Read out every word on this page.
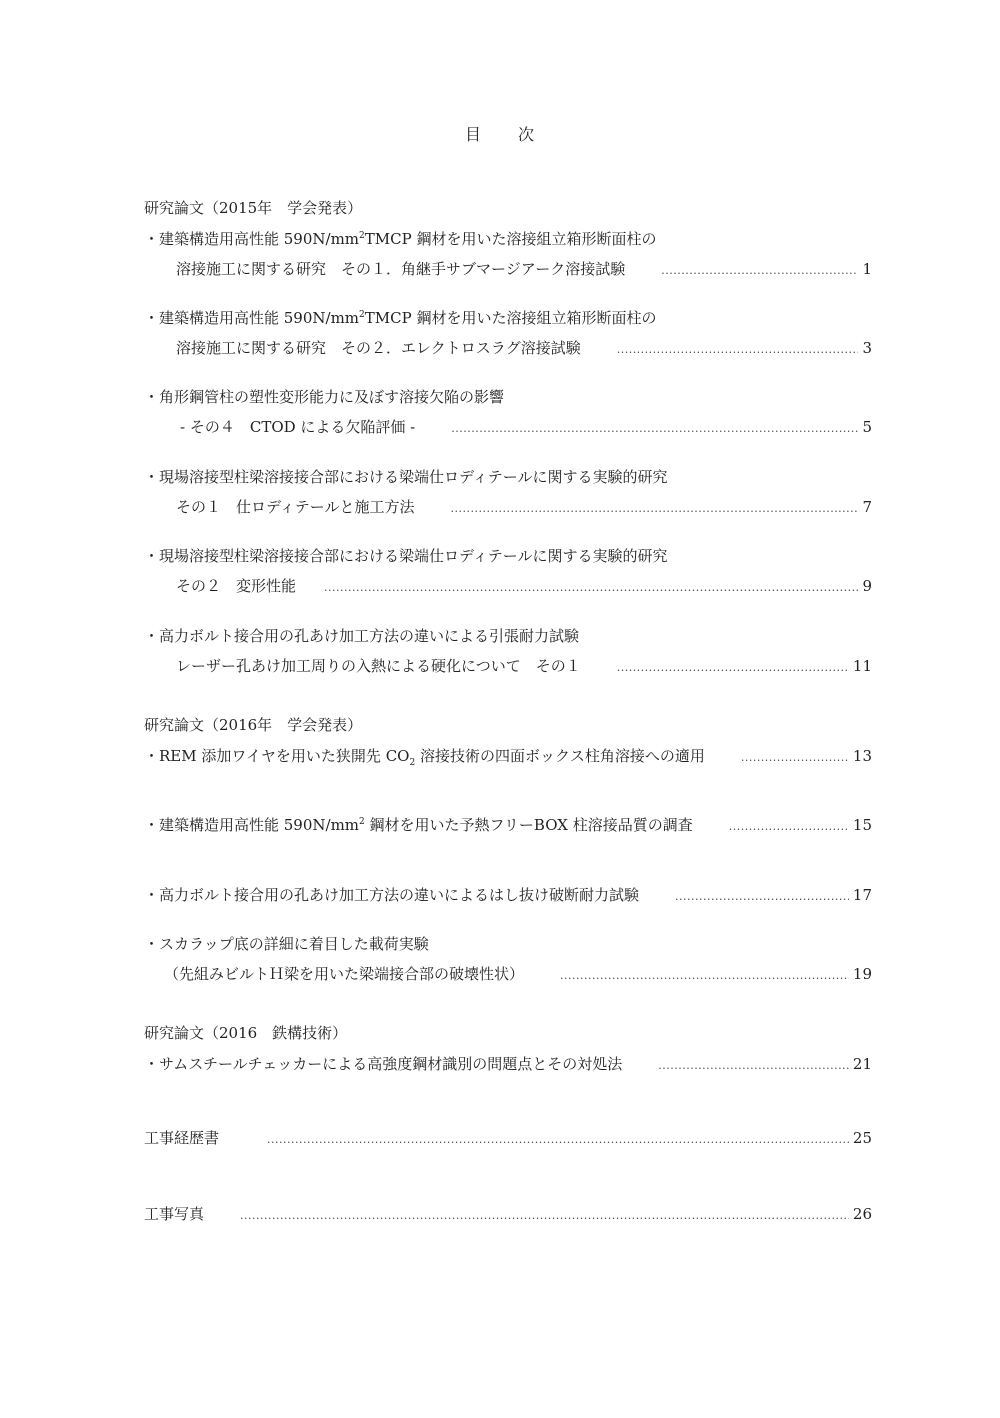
目 次
研究論文（2015年　学会発表）
・建築構造用高性能 $590N/mm^2TMCP$ 鋼材を用いた溶接組立箱形断面柱の
溶接施工に関する研究　その１．角継手サブマージアーク溶接試験 .....	1
・建築構造用高性能 $590N/mm^2TMCP$ 鋼材を用いた溶接組立箱形断面柱の
溶接施工に関する研究　その２．エレクトロスラグ溶接試験 .....	3
・角形鋼管柱の塑性変形能力に及ぼす溶接欠陥の影響
- その４　CTOD による欠陥評価 - .....	5
・現場溶接型柱梁溶接接合部における梁端仕ロディテールに関する実験的研究
その１　仕ロディテールと施工方法 .....	7
・現場溶接型柱梁溶接接合部における梁端仕ロディテールに関する実験的研究
その２　変形性能 .....	9
・高力ボルト接合用の孔あけ加工方法の違いによる引張耐力試験
レーザー孔あけ加工周りの入熱による硬化について　その１ .....	11
研究論文（2016年　学会発表）
・REM 添加ワイヤを用いた狭開先 $CO_2$ 溶接技術の四面ボックス柱角溶接への適用 .....	13
・建築構造用高性能 $590N/mm^2$ 鋼材を用いた予熱フリーBOX 柱溶接品質の調査 .....	15
・高力ボルト接合用の孔あけ加工方法の違いによるはし抜け破断耐力試験 .....	17
・スカラップ底の詳細に着目した載荷実験
（先組みビルトＨ梁を用いた梁端接合部の破壊性状） .....	19
研究論文（2016　鉄構技術）
・サムスチールチェッカーによる高強度鋼材識別の問題点とその対処法 .....	21
工事経歴書 .....	25
工事写真 .....	26
